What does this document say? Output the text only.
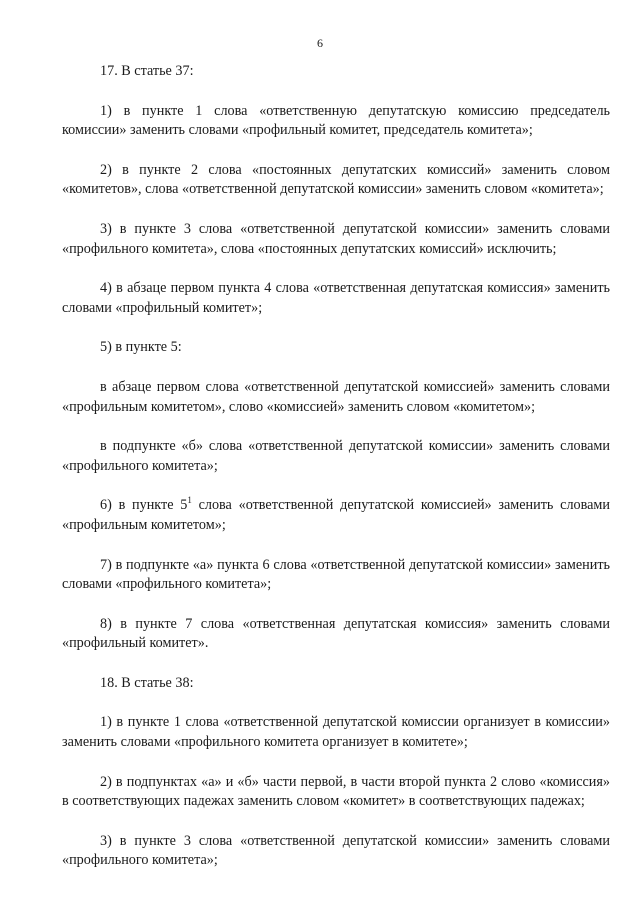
6

17. В статье 37:

1) в пункте 1 слова «ответственную депутатскую комиссию председатель комиссии» заменить словами «профильный комитет, председатель комитета»;

2) в пункте 2 слова «постоянных депутатских комиссий» заменить словом «комитетов», слова «ответственной депутатской комиссии» заменить словом «комитета»;

3) в пункте 3 слова «ответственной депутатской комиссии» заменить словами «профильного комитета», слова «постоянных депутатских комиссий» исключить;

4) в абзаце первом пункта 4 слова «ответственная депутатская комиссия» заменить словами «профильный комитет»;

5) в пункте 5:

в абзаце первом слова «ответственной депутатской комиссией» заменить словами «профильным комитетом», слово «комиссией» заменить словом «комитетом»;

в подпункте «б» слова «ответственной депутатской комиссии» заменить словами «профильного комитета»;

6) в пункте $5^1$ слова «ответственной депутатской комиссией» заменить словами «профильным комитетом»;

7) в подпункте «а» пункта 6 слова «ответственной депутатской комиссии» заменить словами «профильного комитета»;

8) в пункте 7 слова «ответственная депутатская комиссия» заменить словами «профильный комитет».

18. В статье 38:

1) в пункте 1 слова «ответственной депутатской комиссии организует в комиссии» заменить словами «профильного комитета организует в комитете»;

2) в подпунктах «а» и «б» части первой, в части второй пункта 2 слово «комиссия» в соответствующих падежах заменить словом «комитет» в соответствующих падежах;

3) в пункте 3 слова «ответственной депутатской комиссии» заменить словами «профильного комитета»;
